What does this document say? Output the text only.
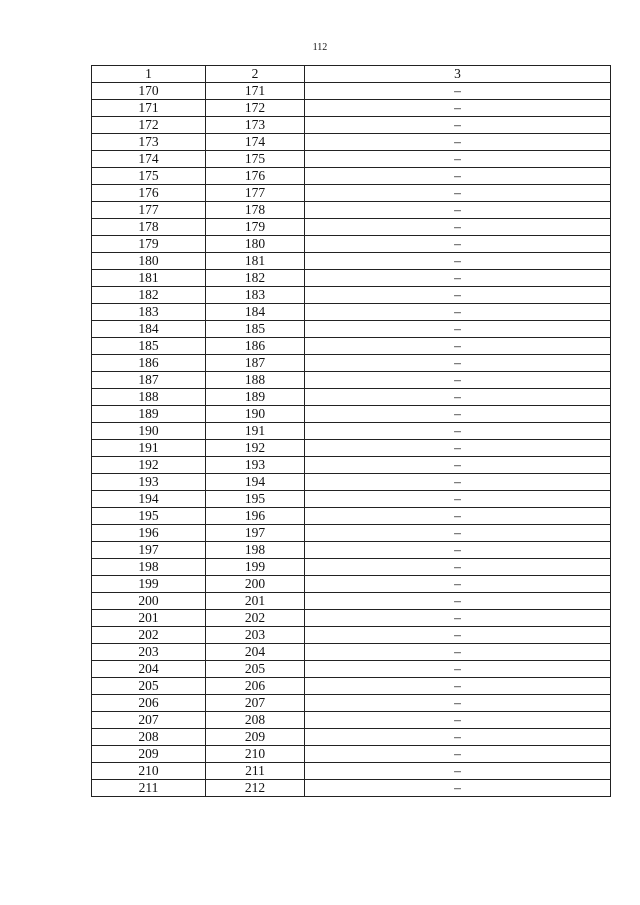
112
1	2	3
170	171	–
171	172	–
172	173	–
173	174	–
174	175	–
175	176	–
176	177	–
177	178	–
178	179	–
179	180	–
180	181	–
181	182	–
182	183	–
183	184	–
184	185	–
185	186	–
186	187	–
187	188	–
188	189	–
189	190	–
190	191	–
191	192	–
192	193	–
193	194	–
194	195	–
195	196	–
196	197	–
197	198	–
198	199	–
199	200	–
200	201	–
201	202	–
202	203	–
203	204	–
204	205	–
205	206	–
206	207	–
207	208	–
208	209	–
209	210	–
210	211	–
211	212	–
